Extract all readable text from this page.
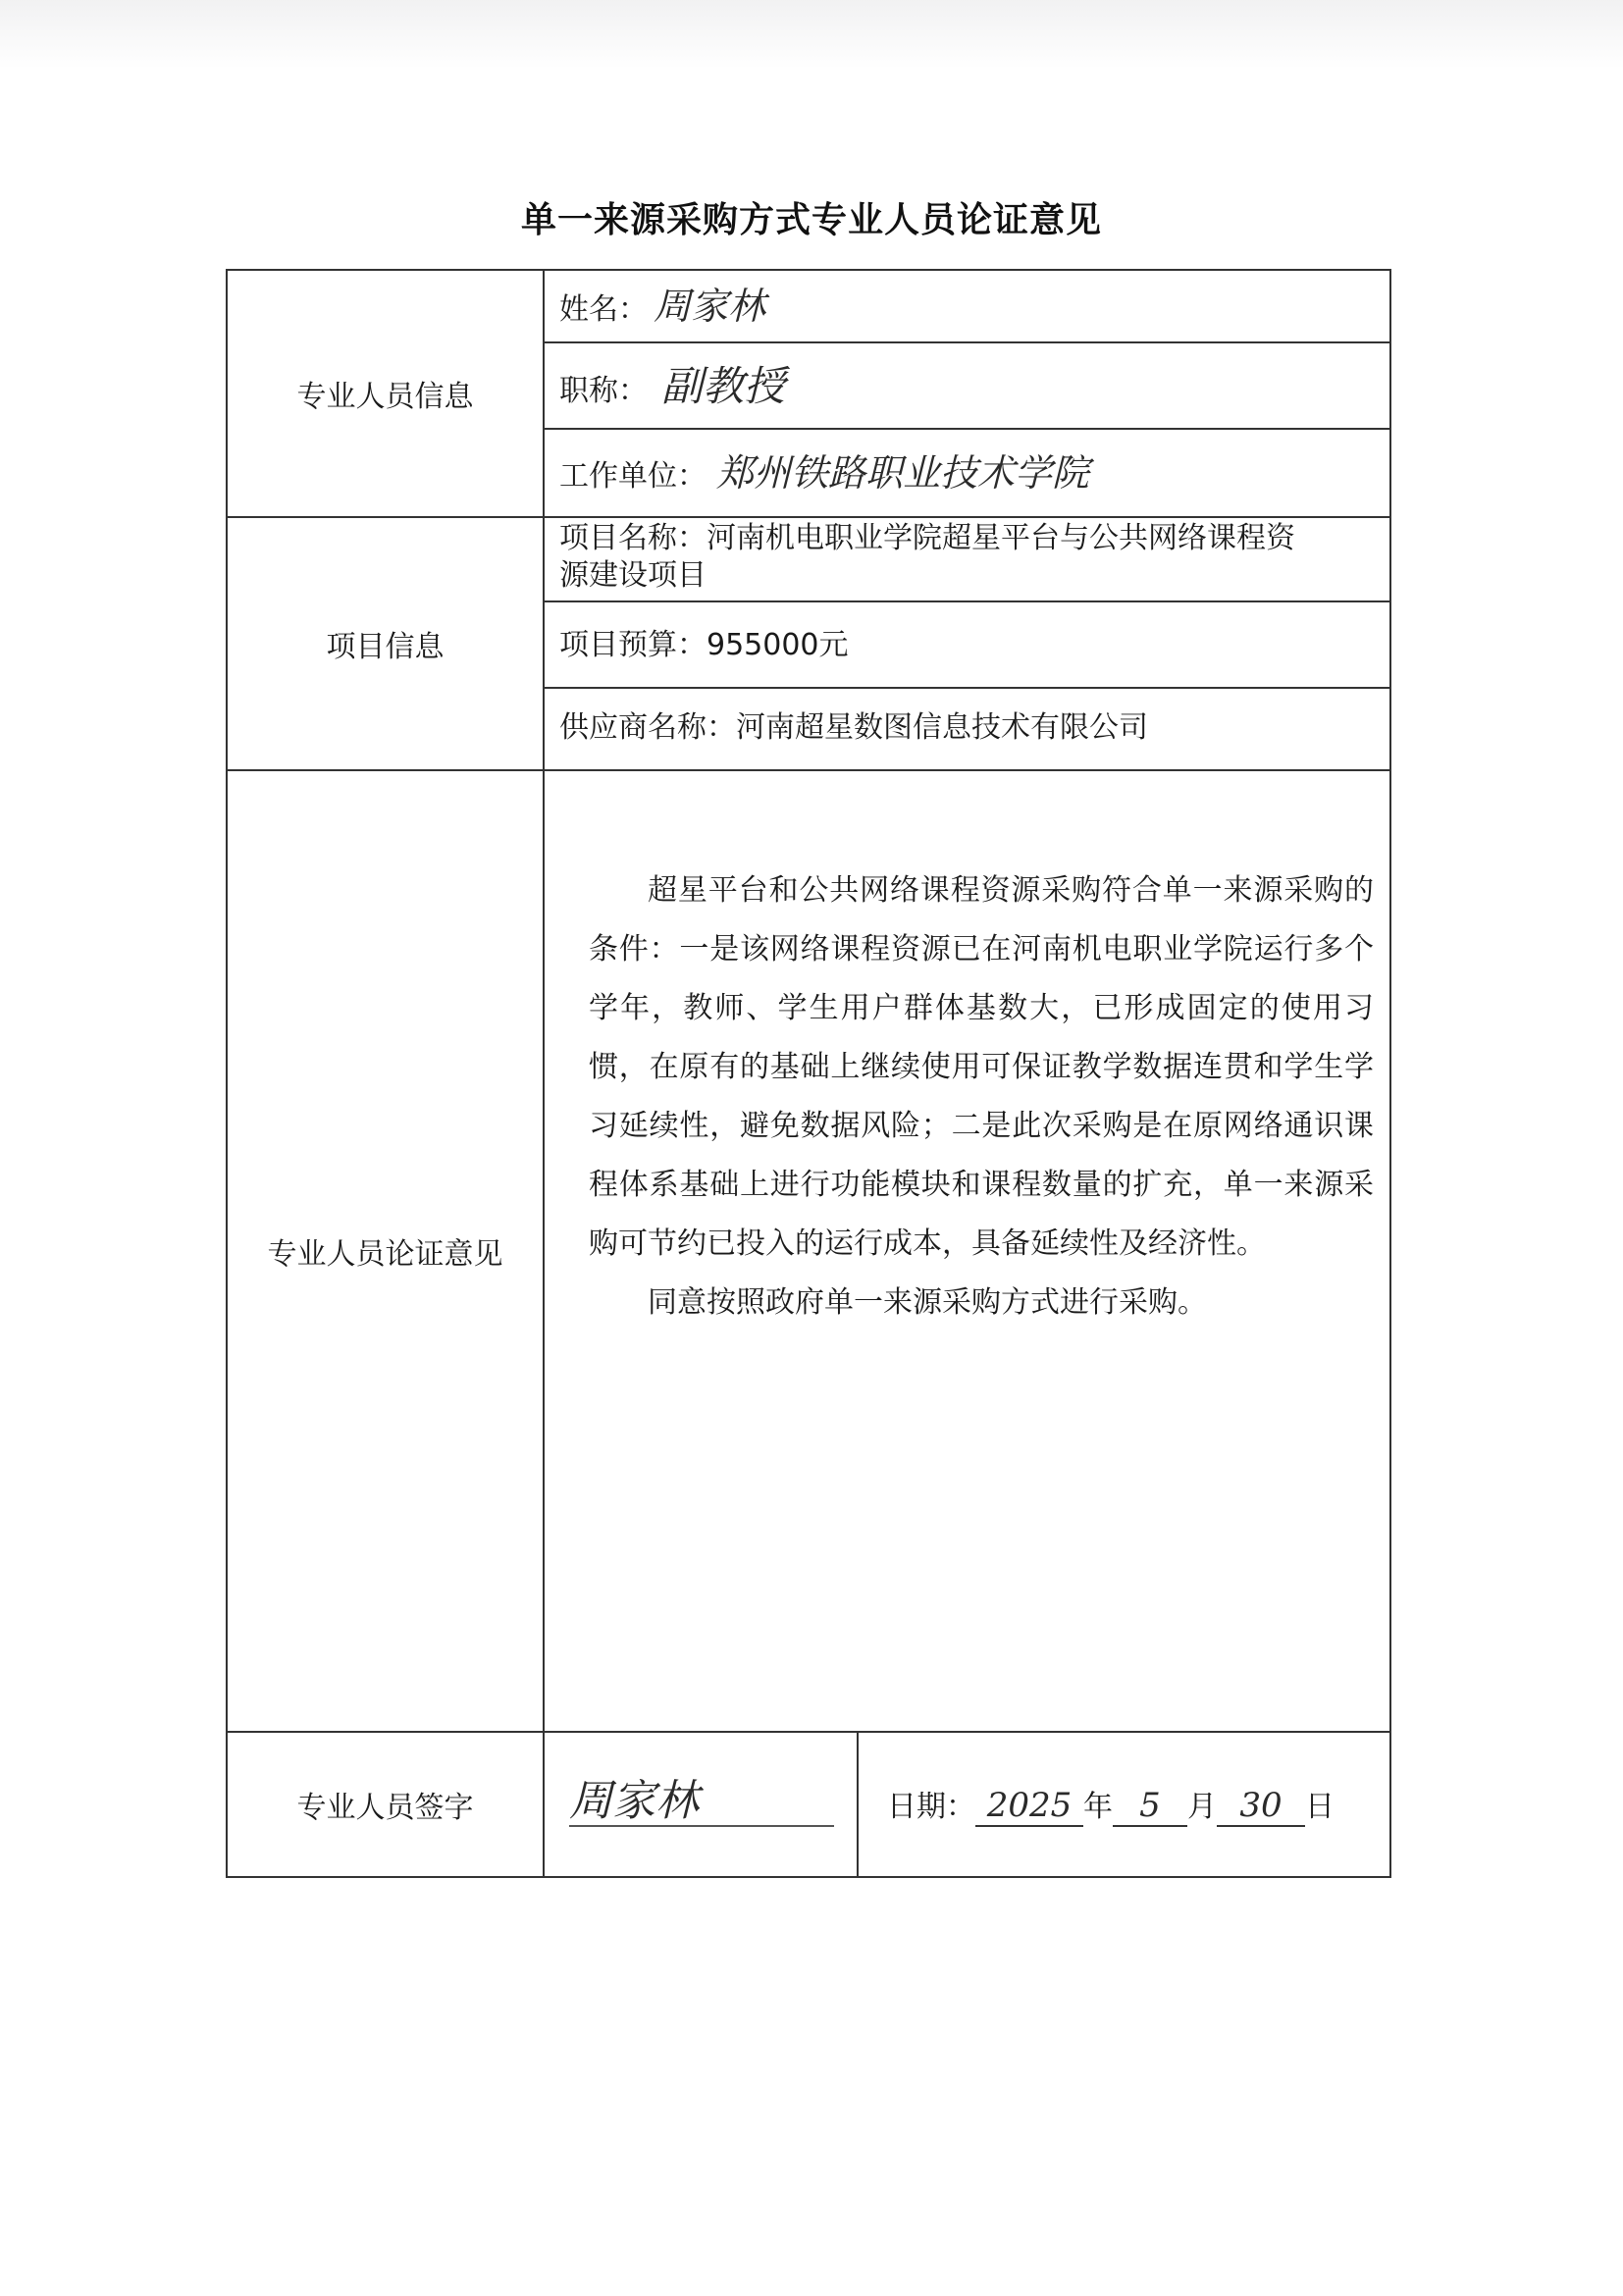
单一来源采购方式专业人员论证意见
专业人员信息
项目信息
专业人员论证意见
专业人员签字
姓名： 周家林
职称： 副教授
工作单位： 郑州铁路职业技术学院
项目名称：河南机电职业学院超星平台与公共网络课程资
源建设项目
项目预算：955000元
供应商名称：河南超星数图信息技术有限公司

超星平台和公共网络课程资源采购符合单一来源采购的条件：一是该网络课程资源已在河南机电职业学院运行多个学年，教师、学生用户群体基数大，已形成固定的使用习惯，在原有的基础上继续使用可保证教学数据连贯和学生学习延续性，避免数据风险；二是此次采购是在原网络通识课程体系基础上进行功能模块和课程数量的扩充，单一来源采购可节约已投入的运行成本，具备延续性及经济性。

同意按照政府单一来源采购方式进行采购。

周家林	日期： 2025 年 5 月 30 日
